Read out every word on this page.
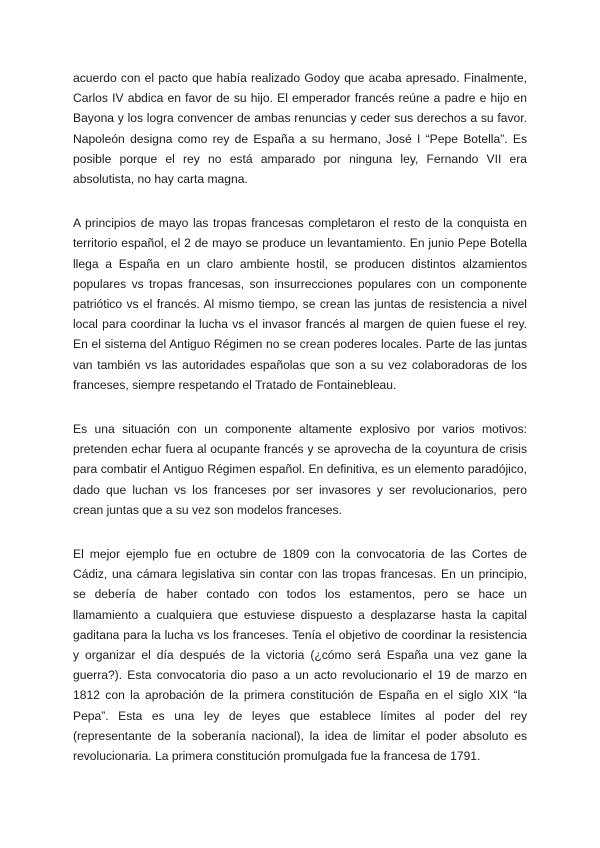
acuerdo con el pacto que había realizado Godoy que acaba apresado. Finalmente, Carlos IV abdica en favor de su hijo. El emperador francés reúne a padre e hijo en Bayona y los logra convencer de ambas renuncias y ceder sus derechos a su favor. Napoleón designa como rey de España a su hermano, José I “Pepe Botella”. Es posible porque el rey no está amparado por ninguna ley, Fernando VII era absolutista, no hay carta magna.

A principios de mayo las tropas francesas completaron el resto de la conquista en territorio español, el 2 de mayo se produce un levantamiento. En junio Pepe Botella llega a España en un claro ambiente hostil, se producen distintos alzamientos populares vs tropas francesas, son insurrecciones populares con un componente patriótico vs el francés. Al mismo tiempo, se crean las juntas de resistencia a nivel local para coordinar la lucha vs el invasor francés al margen de quien fuese el rey. En el sistema del Antiguo Régimen no se crean poderes locales. Parte de las juntas van también vs las autoridades españolas que son a su vez colaboradoras de los franceses, siempre respetando el Tratado de Fontainebleau.

Es una situación con un componente altamente explosivo por varios motivos: pretenden echar fuera al ocupante francés y se aprovecha de la coyuntura de crisis para combatir el Antiguo Régimen español. En definitiva, es un elemento paradójico, dado que luchan vs los franceses por ser invasores y ser revolucionarios, pero crean juntas que a su vez son modelos franceses.

El mejor ejemplo fue en octubre de 1809 con la convocatoria de las Cortes de Cádiz, una cámara legislativa sin contar con las tropas francesas. En un principio, se debería de haber contado con todos los estamentos, pero se hace un llamamiento a cualquiera que estuviese dispuesto a desplazarse hasta la capital gaditana para la lucha vs los franceses. Tenía el objetivo de coordinar la resistencia y organizar el día después de la victoria (¿cómo será España una vez gane la guerra?). Esta convocatoria dio paso a un acto revolucionario el 19 de marzo en 1812 con la aprobación de la primera constitución de España en el siglo XIX “la Pepa”. Esta es una ley de leyes que establece límites al poder del rey (representante de la soberanía nacional), la idea de limitar el poder absoluto es revolucionaria. La primera constitución promulgada fue la francesa de 1791.
